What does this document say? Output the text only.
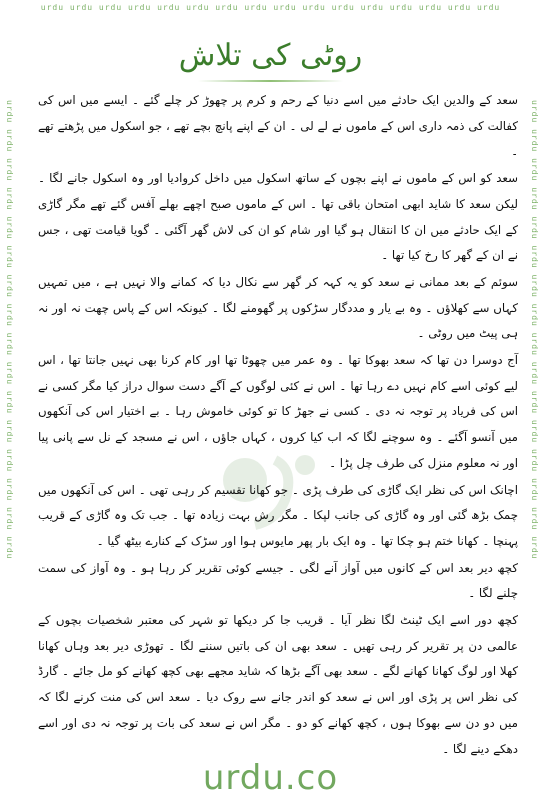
urdu urdu urdu urdu urdu urdu urdu urdu urdu urdu urdu urdu urdu urdu urdu urdu
urdu urdu urdu urdu urdu urdu urdu urdu urdu urdu urdu urdu urdu urdu urdu urdu	urdu urdu urdu urdu urdu urdu urdu urdu urdu urdu urdu urdu urdu urdu urdu urdu
روٹی کی تلاش

سعد کے والدین ایک حادثے میں اسے دنیا کے رحم و کرم پر چھوڑ کر چلے گئے ۔ ایسے میں اس کی کفالت کی ذمہ داری اس کے ماموں نے لے لی ۔ ان کے اپنے پانچ بچے تھے ، جو اسکول میں پڑھتے تھے ۔

سعد کو اس کے ماموں نے اپنے بچوں کے ساتھ اسکول میں داخل کروادیا اور وہ اسکول جانے لگا ۔ لیکن سعد کا شاید ابھی امتحان باقی تھا ۔ اس کے ماموں صبح اچھے بھلے آفس گئے تھے مگر گاڑی کے ایک حادثے میں ان کا انتقال ہو گیا اور شام کو ان کی لاش گھر آگئی ۔ گویا قیامت تھی ، جس نے ان کے گھر کا رخ کیا تھا ۔

سوئم کے بعد ممانی نے سعد کو یہ کہہ کر گھر سے نکال دیا کہ کمانے والا نہیں ہے ، میں تمہیں کہاں سے کھلاؤں ۔ وہ بے یار و مددگار سڑکوں پر گھومنے لگا ۔ کیونکہ اس کے پاس چھت نہ اور نہ ہی پیٹ میں روٹی ۔

آج دوسرا دن تھا کہ سعد بھوکا تھا ۔ وہ عمر میں چھوٹا تھا اور کام کرنا بھی نہیں جانتا تھا ، اس لیے کوئی اسے کام نہیں دے رہا تھا ۔ اس نے کئی لوگوں کے آگے دست سوال دراز کیا مگر کسی نے اس کی فریاد پر توجہ نہ دی ۔ کسی نے جھڑ کا تو کوئی خاموش رہا ۔ بے اختیار اس کی آنکھوں میں آنسو آگئے ۔ وہ سوچنے لگا کہ اب کیا کروں ، کہاں جاؤں ، اس نے مسجد کے نل سے پانی پیا اور نہ معلوم منزل کی طرف چل پڑا ۔

اچانک اس کی نظر ایک گاڑی کی طرف پڑی ۔ جو کھانا تقسیم کر رہی تھی ۔ اس کی آنکھوں میں چمک بڑھ گئی اور وہ گاڑی کی جانب لپکا ۔ مگر رش بہت زیادہ تھا ۔ جب تک وہ گاڑی کے قریب پہنچا ۔ کھانا ختم ہو چکا تھا ۔ وہ ایک بار پھر مایوس ہوا اور سڑک کے کنارے بیٹھ گیا ۔

کچھ دیر بعد اس کے کانوں میں آواز آنے لگی ۔ جیسے کوئی تقریر کر رہا ہو ۔ وہ آواز کی سمت چلنے لگا ۔

کچھ دور اسے ایک ٹینٹ لگا نظر آیا ۔ قریب جا کر دیکھا تو شہر کی معتبر شخصیات بچوں کے عالمی دن پر تقریر کر رہی تھیں ۔ سعد بھی ان کی باتیں سننے لگا ۔ تھوڑی دیر بعد وہاں کھانا کھلا اور لوگ کھانا کھانے لگے ۔ سعد بھی آگے بڑھا کہ شاید مجھے بھی کچھ کھانے کو مل جائے ۔ گارڈ کی نظر اس پر پڑی اور اس نے سعد کو اندر جانے سے روک دیا ۔ سعد اس کی منت کرنے لگا کہ میں دو دن سے بھوکا ہوں ، کچھ کھانے کو دو ۔ مگر اس نے سعد کی بات پر توجہ نہ دی اور اسے دھکے دینے لگا ۔

urdu.co
